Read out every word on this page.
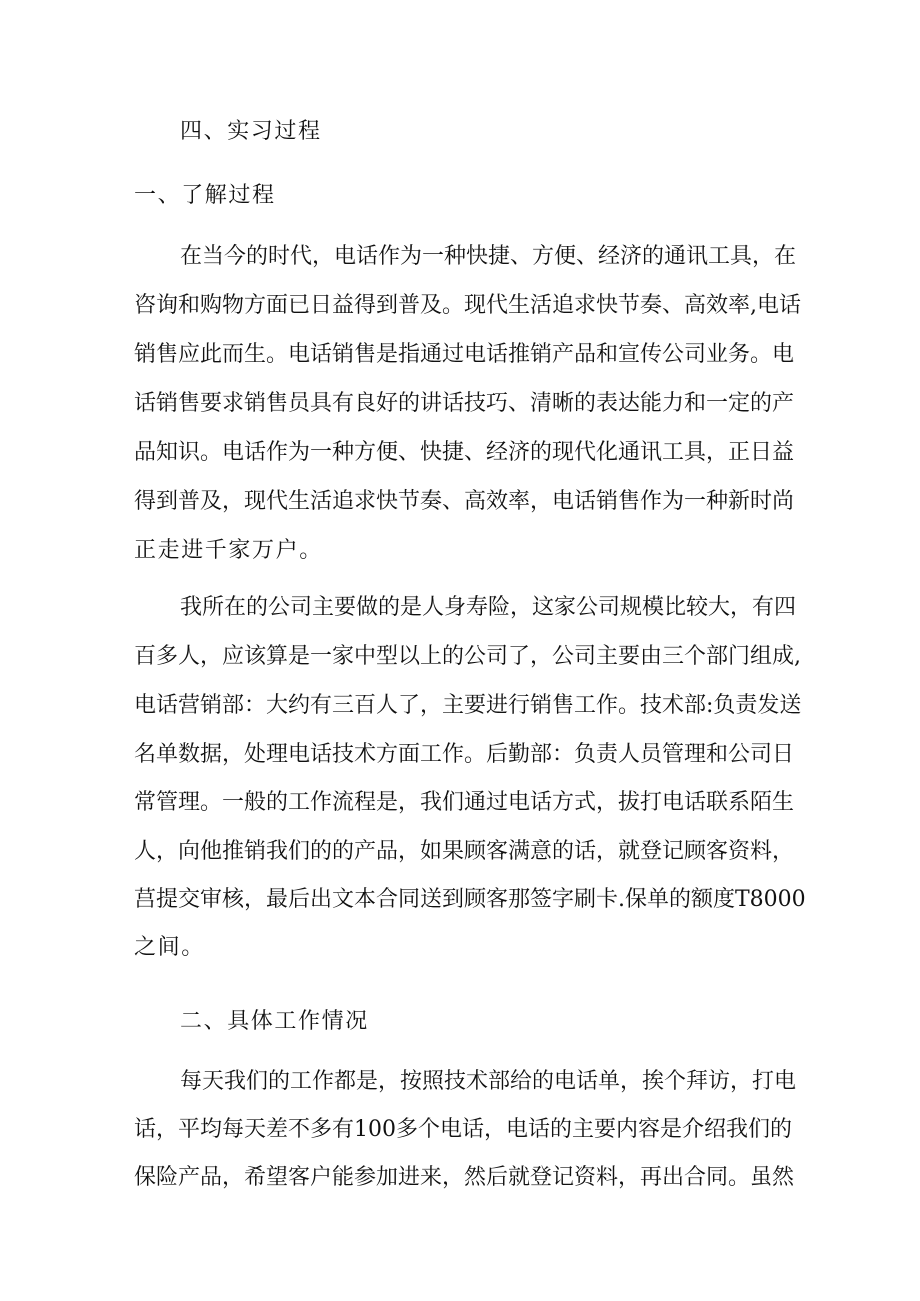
四、实习过程
一、了解过程
在当今的时代，电话作为一种快捷、方便、经济的通讯工具，在
咨询和购物方面已日益得到普及。现代生活追求快节奏、高效率,电话
销售应此而生。电话销售是指通过电话推销产品和宣传公司业务。电
话销售要求销售员具有良好的讲话技巧、清晰的表达能力和一定的产
品知识。电话作为一种方便、快捷、经济的现代化通讯工具，正日益
得到普及，现代生活追求快节奏、高效率，电话销售作为一种新时尚
正走进千家万户。
我所在的公司主要做的是人身寿险，这家公司规模比较大，有四
百多人，应该算是一家中型以上的公司了，公司主要由三个部门组成,
电话营销部：大约有三百人了，主要进行销售工作。技术部:负责发送
名单数据，处理电话技术方面工作。后勤部：负责人员管理和公司日
常管理。一般的工作流程是，我们通过电话方式，拔打电话联系陌生
人，向他推销我们的的产品，如果顾客满意的话，就登记顾客资料，
莒提交审核，最后出文本合同送到顾客那签字刷卡.保单的额度T8000
之间。
二、具体工作情况
每天我们的工作都是，按照技术部给的电话单，挨个拜访，打电
话，平均每天差不多有100多个电话，电话的主要内容是介绍我们的
保险产品，希望客户能参加进来，然后就登记资料，再出合同。虽然
